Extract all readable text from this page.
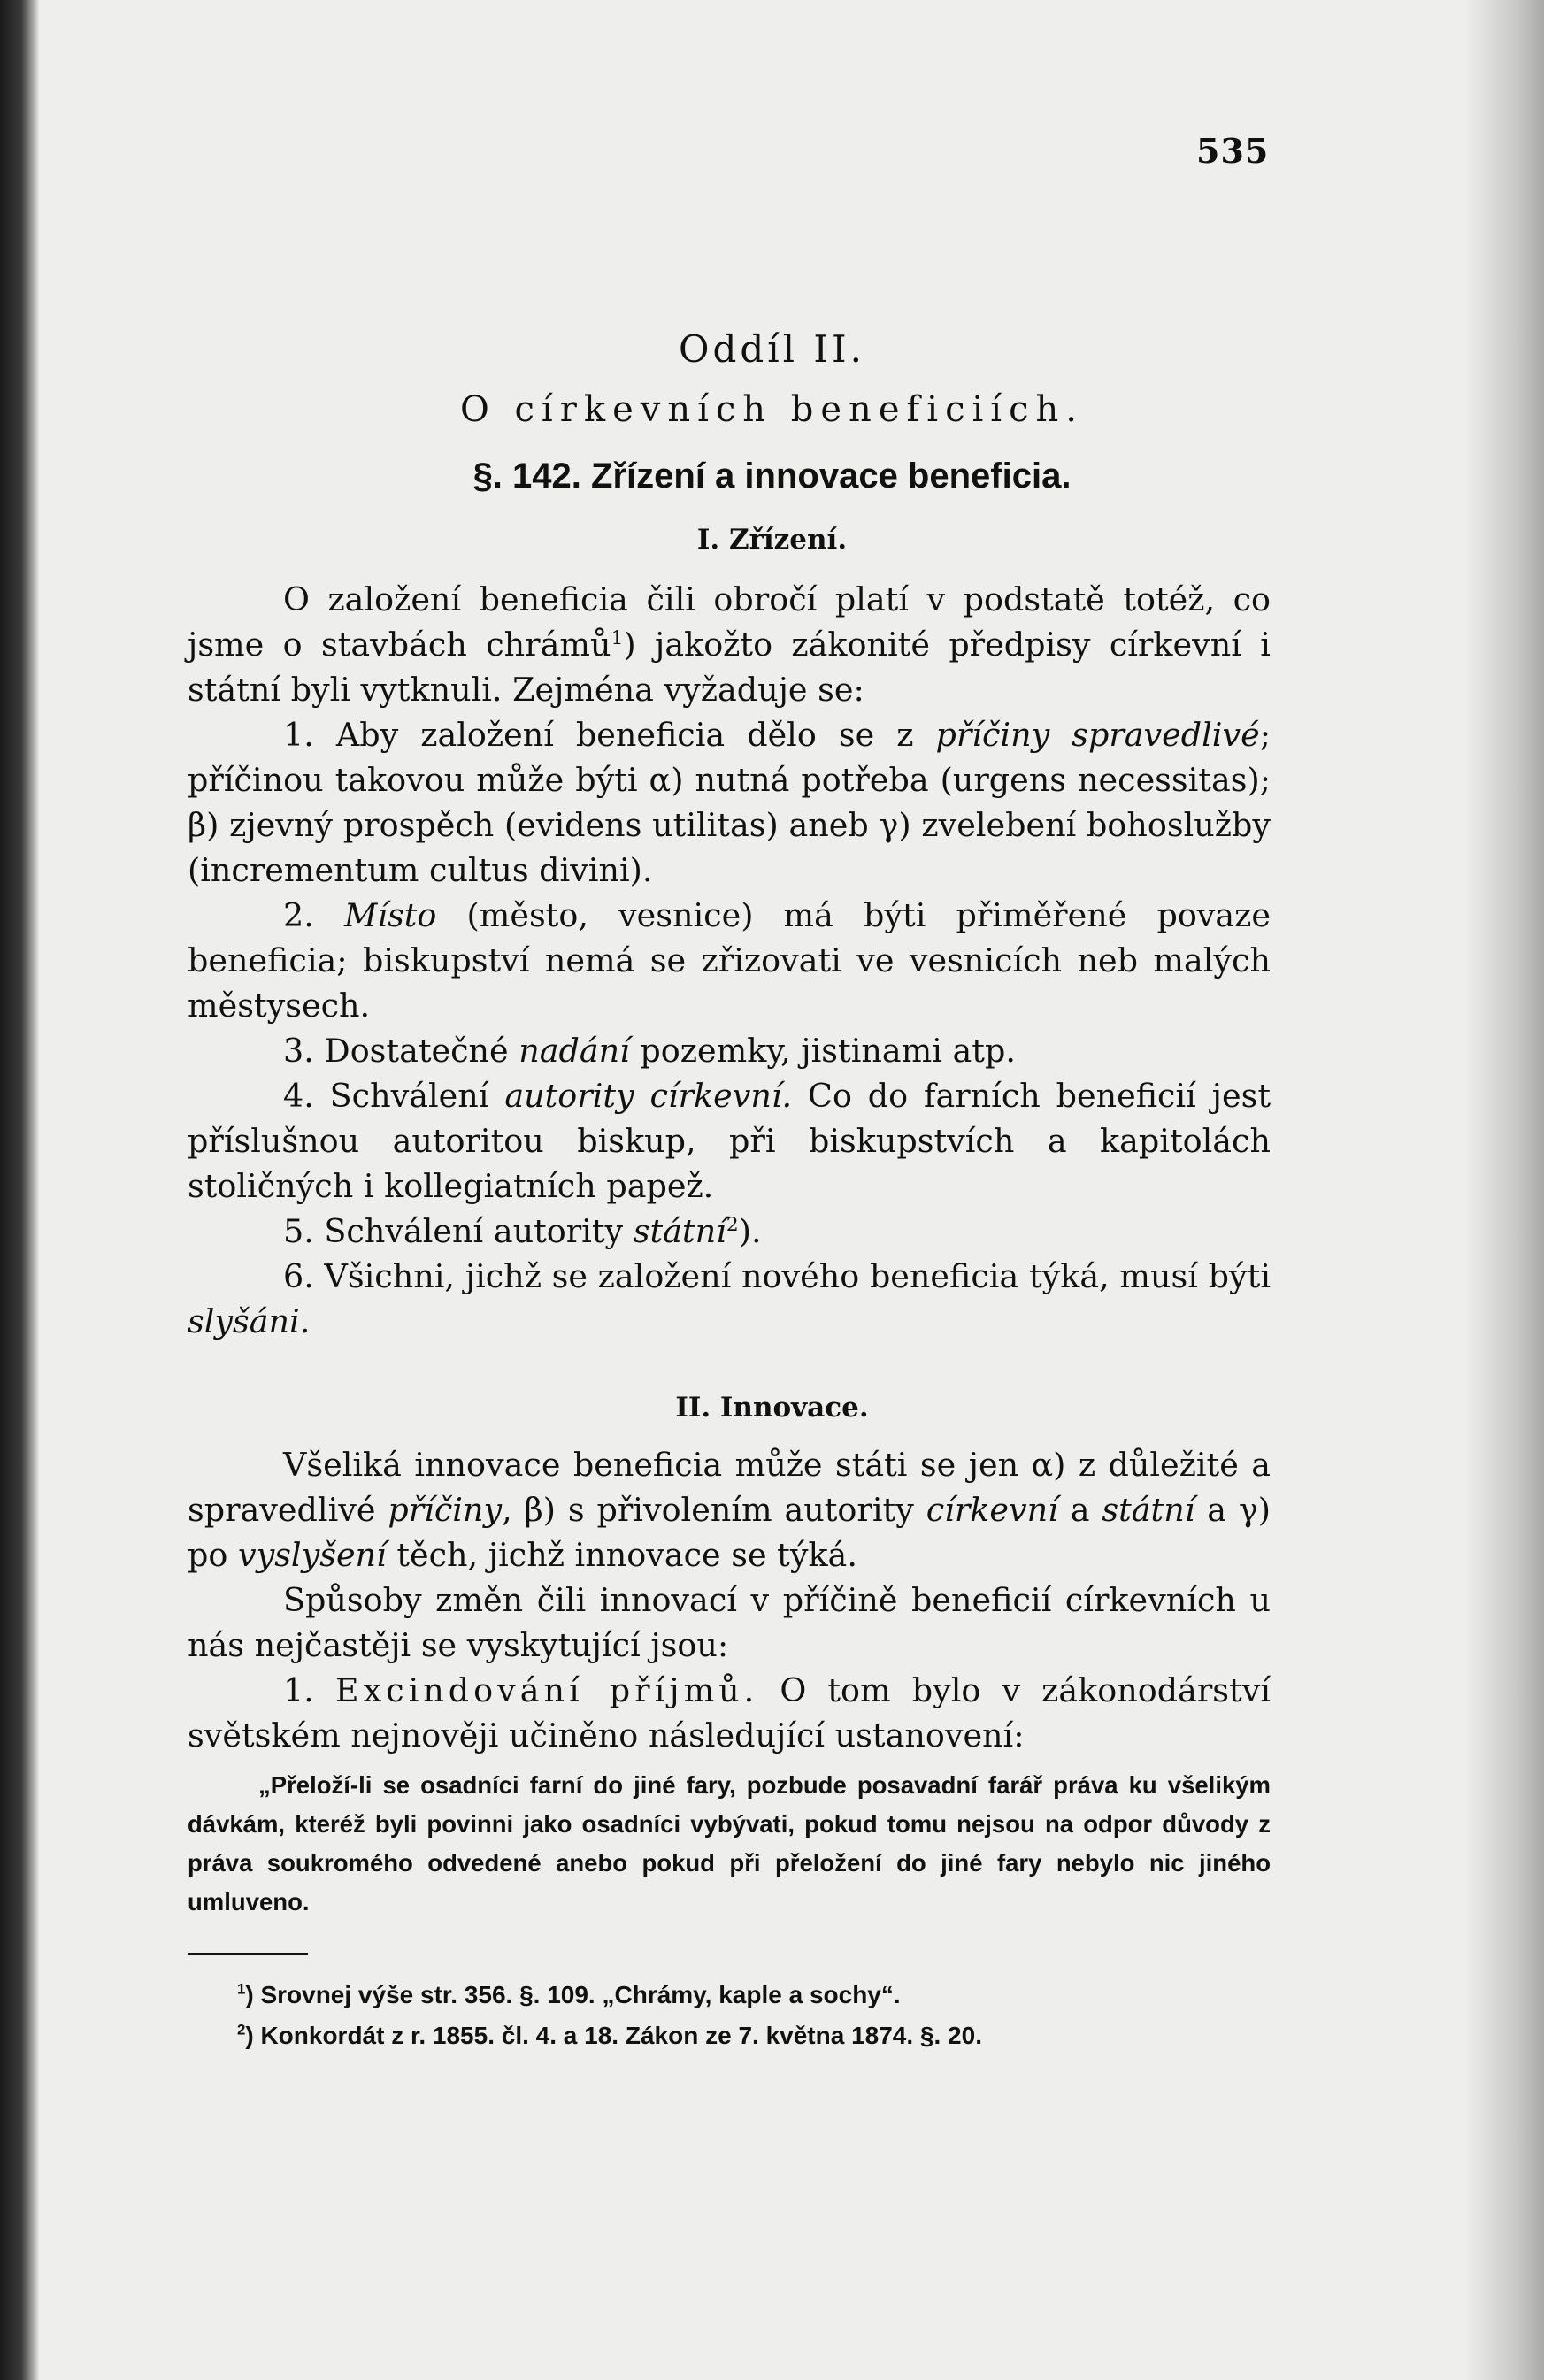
535
Oddíl II.
O církevních beneficiích.
§. 142. Zřízení a innovace beneficia.
I. Zřízení.

O založení beneficia čili obročí platí v podstatě totéž, co jsme o stavbách chrámů$^1$) jakožto zákonité předpisy církevní i státní byli vytknuli. Zejména vyžaduje se:

1. Aby založení beneficia dělo se z příčiny spravedlivé; příčinou takovou může býti α) nutná potřeba (urgens necessitas); β) zjevný prospěch (evidens utilitas) aneb γ) zvelebení bohoslužby (incrementum cultus divini).

2. Místo (město, vesnice) má býti přiměřené povaze beneficia; biskupství nemá se zřizovati ve vesnicích neb malých městysech.

3. Dostatečné nadání pozemky, jistinami atp.

4. Schválení autority církevní. Co do farních beneficií jest příslušnou autoritou biskup, při biskupstvích a kapitolách stoličných i kollegiatních papež.

5. Schválení autority státní$^2$).

6. Všichni, jichž se založení nového beneficia týká, musí býti slyšáni.

II. Innovace.

Všeliká innovace beneficia může státi se jen α) z důležité a spravedlivé příčiny, β) s přivolením autority církevní a státní a γ) po vyslyšení těch, jichž innovace se týká.

Spůsoby změn čili innovací v příčině beneficií církevních u nás nejčastěji se vyskytující jsou:

1. Excindování příjmů. O tom bylo v zákonodárství světském nejnověji učiněno následující ustanovení:

„Přeloží-li se osadníci farní do jiné fary, pozbude posavadní farář práva ku všelikým dávkám, kteréž byli povinni jako osadníci vybývati, pokud tomu nejsou na odpor důvody z práva soukromého odvedené anebo pokud při přeložení do jiné fary nebylo nic jiného umluveno.

$^1$) Srovnej výše str. 356. §. 109. „Chrámy, kaple a sochy“.
$^2$) Konkordát z r. 1855. čl. 4. a 18. Zákon ze 7. května 1874. §. 20.
